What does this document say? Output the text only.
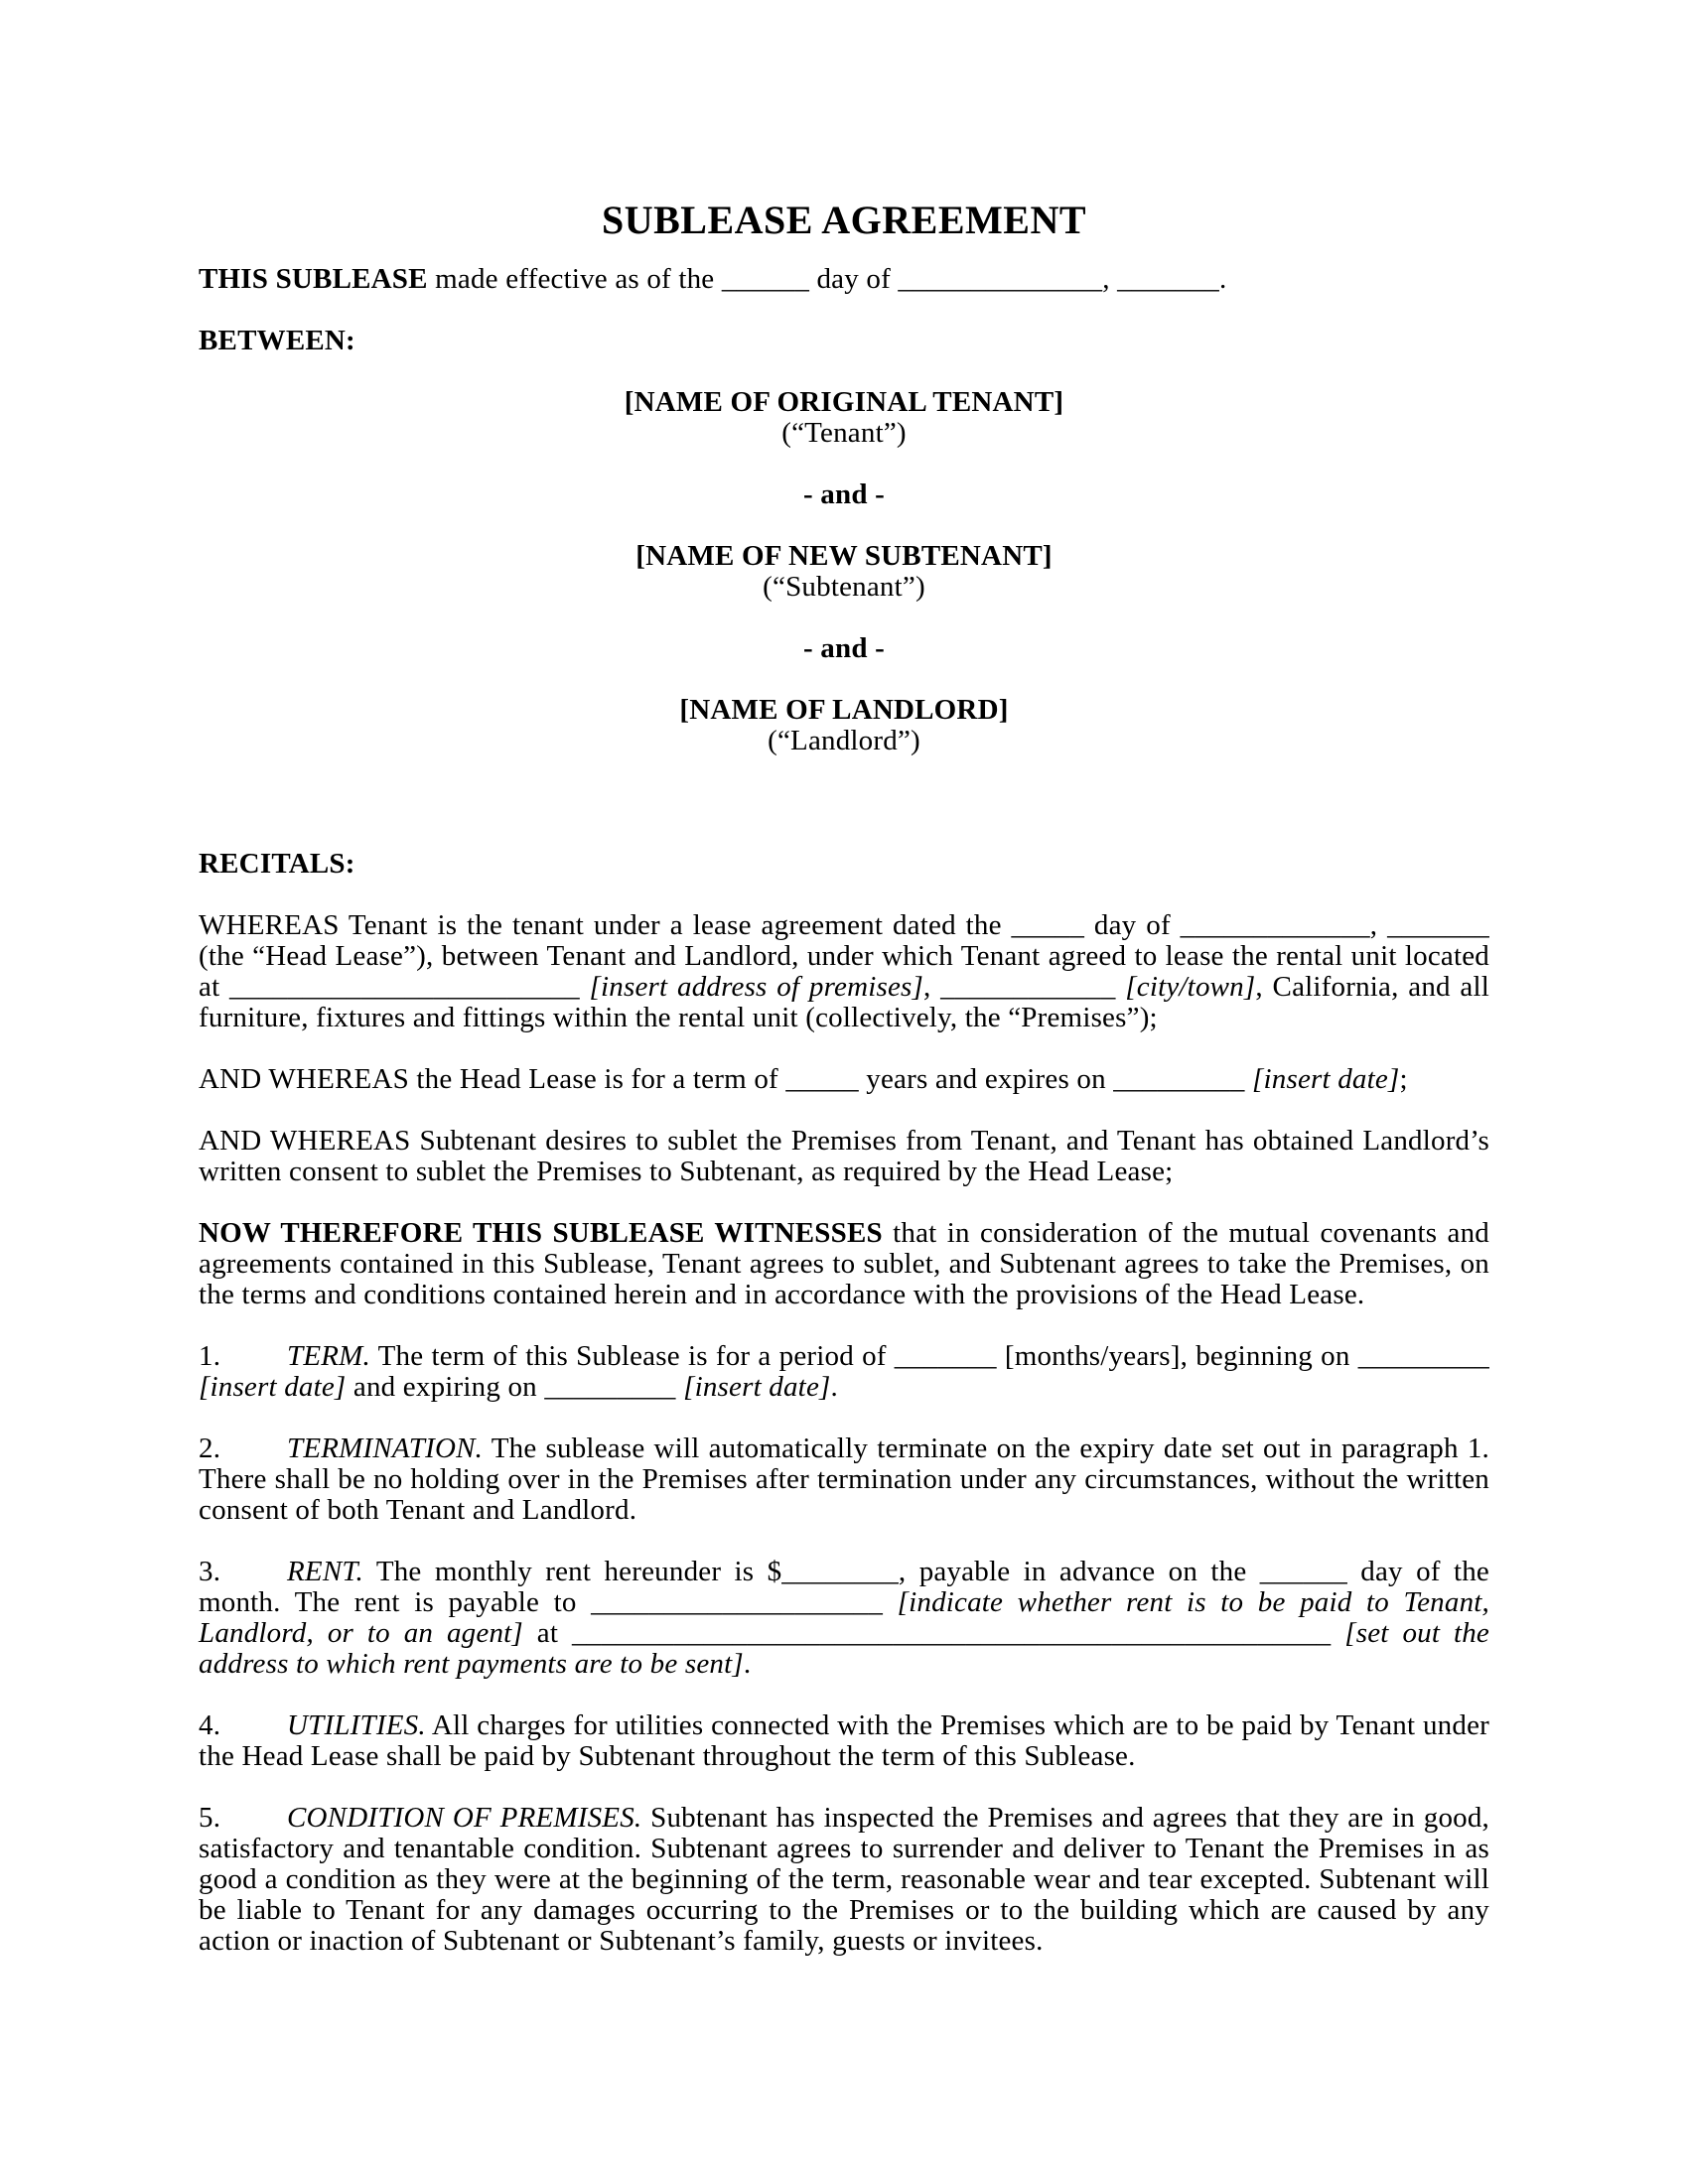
SUBLEASE AGREEMENT

THIS SUBLEASE made effective as of the ______ day of ______________, _______.

BETWEEN:

[NAME OF ORIGINAL TENANT]

(“Tenant”)

- and -

[NAME OF NEW SUBTENANT]

(“Subtenant”)

- and -

[NAME OF LANDLORD]

(“Landlord”)

RECITALS:

WHEREAS Tenant is the tenant under a lease agreement dated the _____ day of _____________, _______ (the “Head Lease”), between Tenant and Landlord, under which Tenant agreed to lease the rental unit located at ________________________ [insert address of premises], ____________ [city/town], California, and all furniture, fixtures and fittings within the rental unit (collectively, the “Premises”);

AND WHEREAS the Head Lease is for a term of _____ years and expires on _________ [insert date];

AND WHEREAS Subtenant desires to sublet the Premises from Tenant, and Tenant has obtained Landlord’s written consent to sublet the Premises to Subtenant, as required by the Head Lease;

NOW THEREFORE THIS SUBLEASE WITNESSES that in consideration of the mutual covenants and agreements contained in this Sublease, Tenant agrees to sublet, and Subtenant agrees to take the Premises, on the terms and conditions contained herein and in accordance with the provisions of the Head Lease.

1. TERM. The term of this Sublease is for a period of _______ [months/years], beginning on _________ [insert date] and expiring on _________ [insert date].

2. TERMINATION. The sublease will automatically terminate on the expiry date set out in paragraph 1. There shall be no holding over in the Premises after termination under any circumstances, without the written consent of both Tenant and Landlord.

3. RENT. The monthly rent hereunder is $________, payable in advance on the ______ day of the month. The rent is payable to ____________________ [indicate whether rent is to be paid to Tenant, Landlord, or to an agent] at ____________________________________________________ [set out the address to which rent payments are to be sent].

4. UTILITIES. All charges for utilities connected with the Premises which are to be paid by Tenant under the Head Lease shall be paid by Subtenant throughout the term of this Sublease.

5. CONDITION OF PREMISES. Subtenant has inspected the Premises and agrees that they are in good, satisfactory and tenantable condition. Subtenant agrees to surrender and deliver to Tenant the Premises in as good a condition as they were at the beginning of the term, reasonable wear and tear excepted. Subtenant will be liable to Tenant for any damages occurring to the Premises or to the building which are caused by any action or inaction of Subtenant or Subtenant’s family, guests or invitees.
